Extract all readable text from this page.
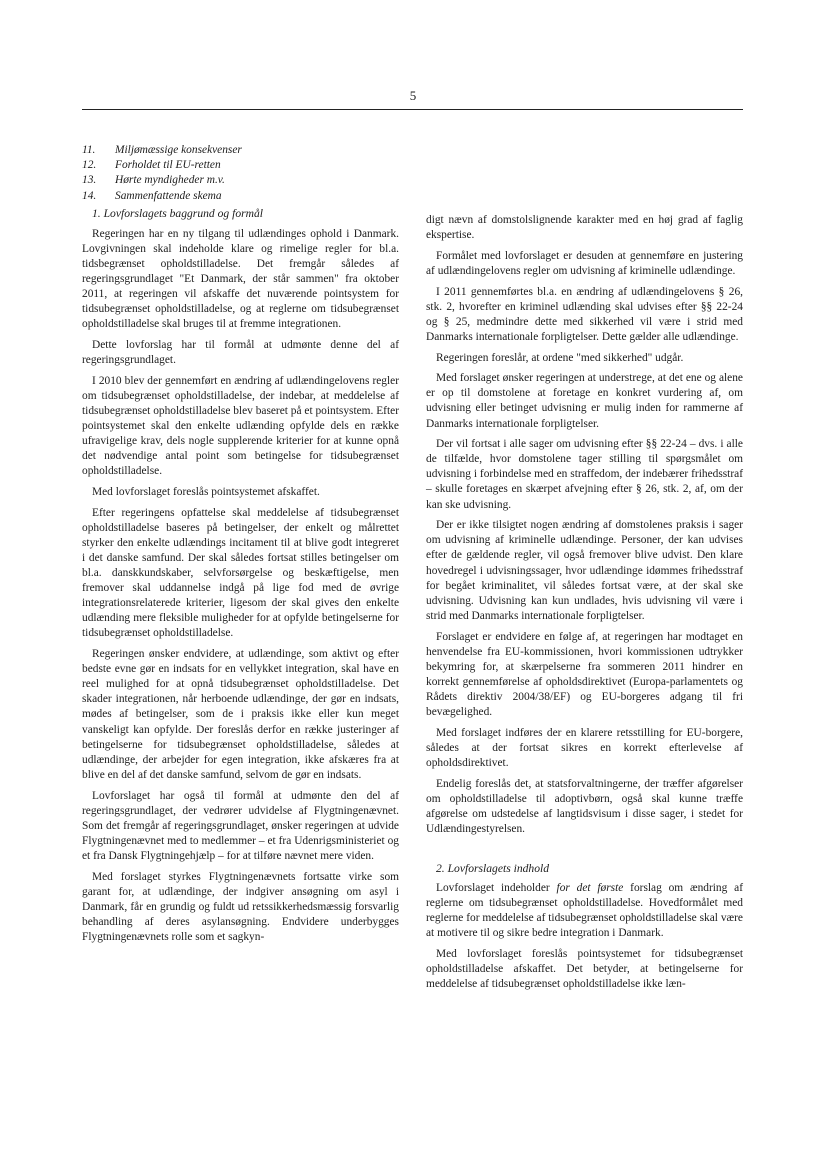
5
11.	Miljømæssige konsekvenser
12.	Forholdet til EU-retten
13.	Hørte myndigheder m.v.
14.	Sammenfattende skema

1. Lovforslagets baggrund og formål

Regeringen har en ny tilgang til udlændinges ophold i Danmark. Lovgivningen skal indeholde klare og rimelige regler for bl.a. tidsbegrænset opholdstilladelse. Det fremgår således af regeringsgrundlaget "Et Danmark, der står sammen" fra oktober 2011, at regeringen vil afskaffe det nuværende pointsystem for tidsubegrænset opholdstilladelse, og at reglerne om tidsubegrænset opholdstilladelse skal bruges til at fremme integrationen.

Dette lovforslag har til formål at udmønte denne del af regeringsgrundlaget.

I 2010 blev der gennemført en ændring af udlændingelovens regler om tidsubegrænset opholdstilladelse, der indebar, at meddelelse af tidsubegrænset opholdstilladelse blev baseret på et pointsystem. Efter pointsystemet skal den enkelte udlænding opfylde dels en række ufravigelige krav, dels nogle supplerende kriterier for at kunne opnå det nødvendige antal point som betingelse for tidsubegrænset opholdstilladelse.

Med lovforslaget foreslås pointsystemet afskaffet.

Efter regeringens opfattelse skal meddelelse af tidsubegrænset opholdstilladelse baseres på betingelser, der enkelt og målrettet styrker den enkelte udlændings incitament til at blive godt integreret i det danske samfund. Der skal således fortsat stilles betingelser om bl.a. danskkundskaber, selvforsørgelse og beskæftigelse, men fremover skal uddannelse indgå på lige fod med de øvrige integrationsrelaterede kriterier, ligesom der skal gives den enkelte udlænding mere fleksible muligheder for at opfylde betingelserne for tidsubegrænset opholdstilladelse.

Regeringen ønsker endvidere, at udlændinge, som aktivt og efter bedste evne gør en indsats for en vellykket integration, skal have en reel mulighed for at opnå tidsubegrænset opholdstilladelse. Det skader integrationen, når herboende udlændinge, der gør en indsats, mødes af betingelser, som de i praksis ikke eller kun meget vanskeligt kan opfylde. Der foreslås derfor en række justeringer af betingelserne for tidsubegrænset opholdstilladelse, således at udlændinge, der arbejder for egen integration, ikke afskæres fra at blive en del af det danske samfund, selvom de gør en indsats.

Lovforslaget har også til formål at udmønte den del af regeringsgrundlaget, der vedrører udvidelse af Flygtningenævnet. Som det fremgår af regeringsgrundlaget, ønsker regeringen at udvide Flygtningenævnet med to medlemmer – et fra Udenrigsministeriet og et fra Dansk Flygtningehjælp – for at tilføre nævnet mere viden.

Med forslaget styrkes Flygtningenævnets fortsatte virke som garant for, at udlændinge, der indgiver ansøgning om asyl i Danmark, får en grundig og fuldt ud retssikkerhedsmæssig forsvarlig behandling af deres asylansøgning. Endvidere underbygges Flygtningenævnets rolle som et sagkyn-

digt nævn af domstolslignende karakter med en høj grad af faglig ekspertise.

Formålet med lovforslaget er desuden at gennemføre en justering af udlændingelovens regler om udvisning af kriminelle udlændinge.

I 2011 gennemførtes bl.a. en ændring af udlændingelovens § 26, stk. 2, hvorefter en kriminel udlænding skal udvises efter §§ 22-24 og § 25, medmindre dette med sikkerhed vil være i strid med Danmarks internationale forpligtelser. Dette gælder alle udlændinge.

Regeringen foreslår, at ordene "med sikkerhed" udgår.

Med forslaget ønsker regeringen at understrege, at det ene og alene er op til domstolene at foretage en konkret vurdering af, om udvisning eller betinget udvisning er mulig inden for rammerne af Danmarks internationale forpligtelser.

Der vil fortsat i alle sager om udvisning efter §§ 22-24 – dvs. i alle de tilfælde, hvor domstolene tager stilling til spørgsmålet om udvisning i forbindelse med en straffedom, der indebærer frihedsstraf – skulle foretages en skærpet afvejning efter § 26, stk. 2, af, om der kan ske udvisning.

Der er ikke tilsigtet nogen ændring af domstolenes praksis i sager om udvisning af kriminelle udlændinge. Personer, der kan udvises efter de gældende regler, vil også fremover blive udvist. Den klare hovedregel i udvisningssager, hvor udlændinge idømmes frihedsstraf for begået kriminalitet, vil således fortsat være, at der skal ske udvisning. Udvisning kan kun undlades, hvis udvisning vil være i strid med Danmarks internationale forpligtelser.

Forslaget er endvidere en følge af, at regeringen har modtaget en henvendelse fra EU-kommissionen, hvori kommissionen udtrykker bekymring for, at skærpelserne fra sommeren 2011 hindrer en korrekt gennemførelse af opholdsdirektivet (Europa-parlamentets og Rådets direktiv 2004/38/EF) og EU-borgeres adgang til fri bevægelighed.

Med forslaget indføres der en klarere retsstilling for EU-borgere, således at der fortsat sikres en korrekt efterlevelse af opholdsdirektivet.

Endelig foreslås det, at statsforvaltningerne, der træffer afgørelser om opholdstilladelse til adoptivbørn, også skal kunne træffe afgørelse om udstedelse af langtidsvisum i disse sager, i stedet for Udlændingestyrelsen.

2. Lovforslagets indhold

Lovforslaget indeholder for det første forslag om ændring af reglerne om tidsubegrænset opholdstilladelse. Hovedformålet med reglerne for meddelelse af tidsubegrænset opholdstilladelse skal være at motivere til og sikre bedre integration i Danmark.

Med lovforslaget foreslås pointsystemet for tidsubegrænset opholdstilladelse afskaffet. Det betyder, at betingelserne for meddelelse af tidsubegrænset opholdstilladelse ikke læn-
